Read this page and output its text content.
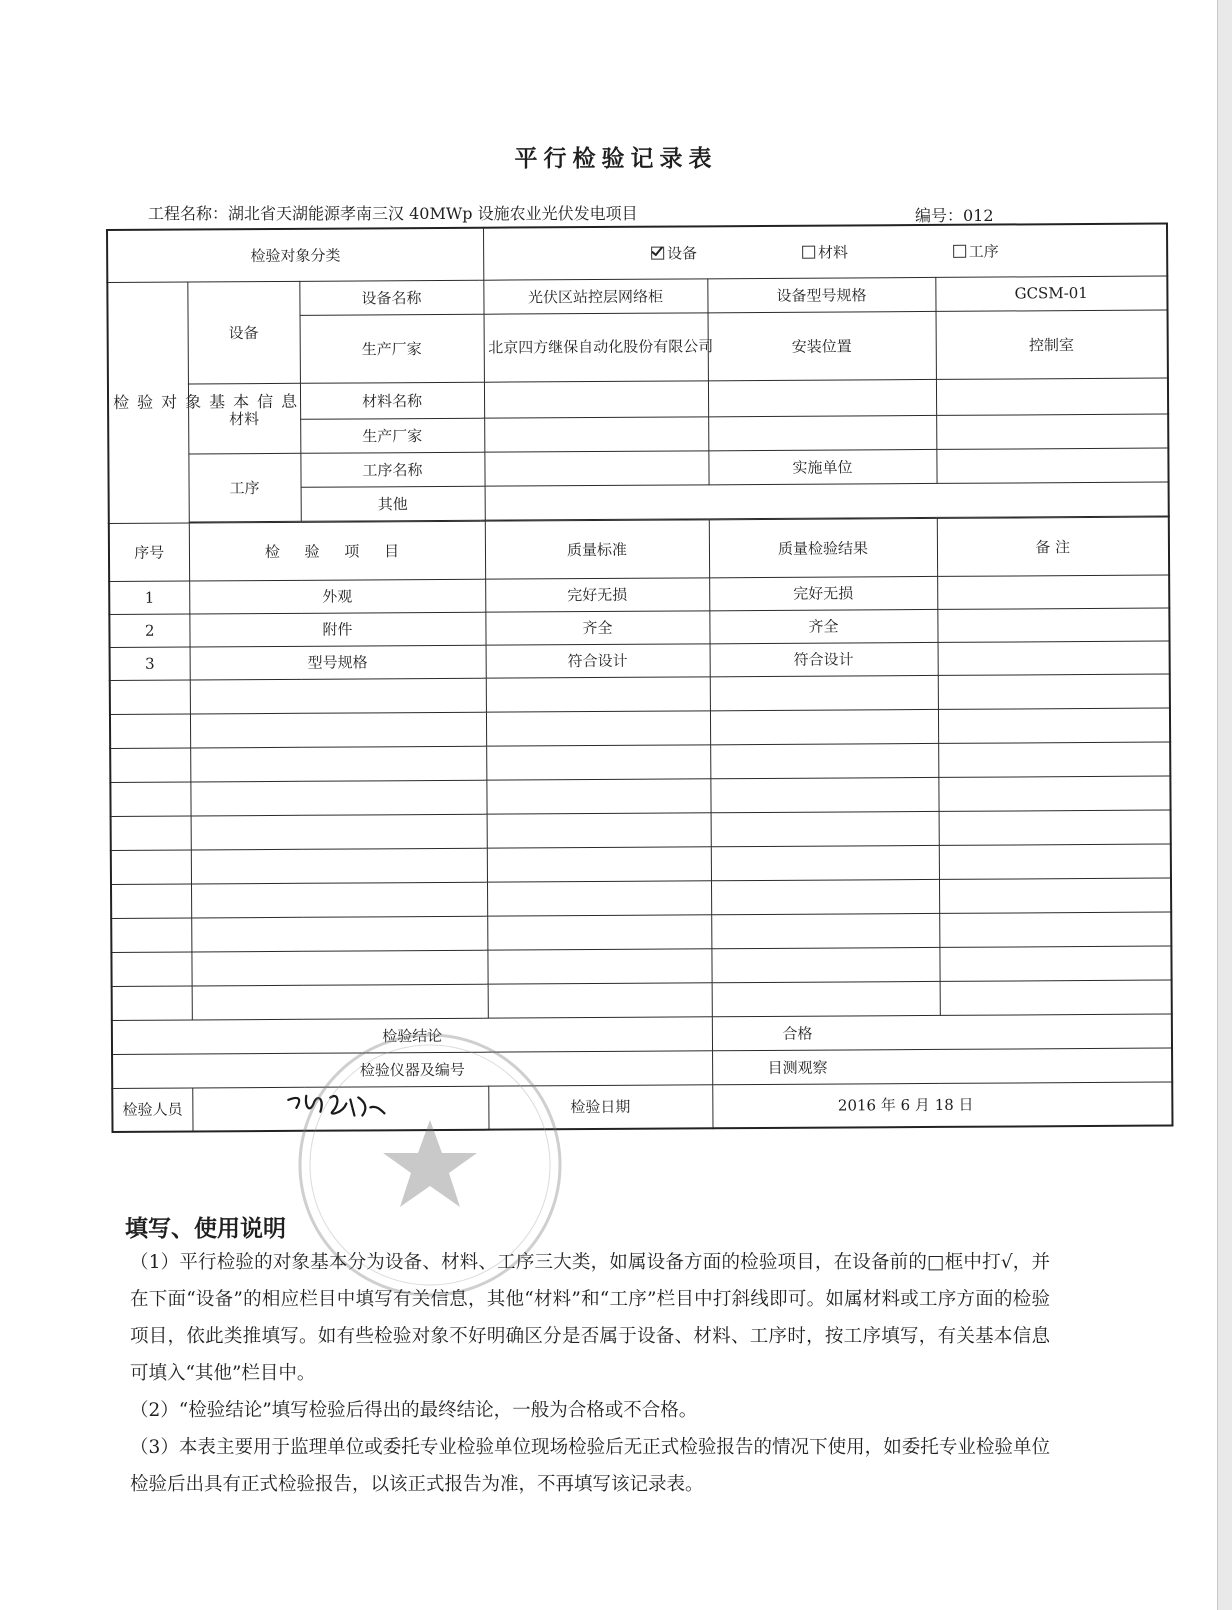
平行检验记录表
工程名称：湖北省天湖能源孝南三汉 40MWp 设施农业光伏发电项目	编号：012
检验对象分类			设备 材料 工序		
检验对象基本信息	设备	设备名称	光伏区站控层网络柜	设备型号规格	GCSM-01
		生产厂家	北京四方继保自动化股份有限公司	安装位置	控制室
	材料	材料名称			
		生产厂家			
	工序	工序名称		实施单位	
		其他			

序号	检 验 项 目		质量标准	质量检验结果	备 注
1	外观		完好无损	完好无损	
2	附件		齐全	齐全	
3	型号规格		符合设计	符合设计	

检验结论				合格	
检验仪器及编号				目测观察	
检验人员			检验日期	2016 年 6 月 18 日	
填写、使用说明

（1）平行检验的对象基本分为设备、材料、工序三大类，如属设备方面的检验项目，在设备前的□框中打√，并在下面“设备”的相应栏目中填写有关信息，其他“材料”和“工序”栏目中打斜线即可。如属材料或工序方面的检验项目，依此类推填写。如有些检验对象不好明确区分是否属于设备、材料、工序时，按工序填写，有关基本信息可填入“其他”栏目中。

（2）“检验结论”填写检验后得出的最终结论，一般为合格或不合格。

（3）本表主要用于监理单位或委托专业检验单位现场检验后无正式检验报告的情况下使用，如委托专业检验单位检验后出具有正式检验报告，以该正式报告为准，不再填写该记录表。
